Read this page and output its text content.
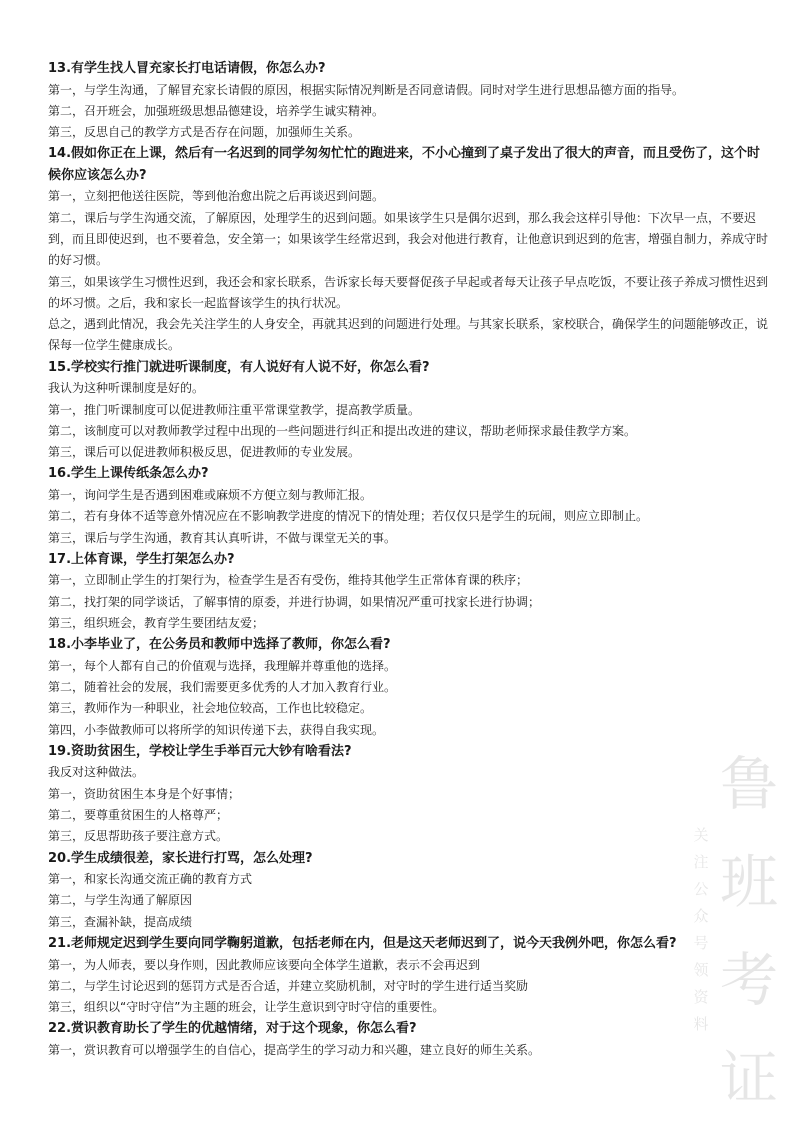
13.有学生找人冒充家长打电话请假，你怎么办?
第一，与学生沟通，了解冒充家长请假的原因，根据实际情况判断是否同意请假。同时对学生进行思想品德方面的指导。
第二，召开班会，加强班级思想品德建设，培养学生诚实精神。
第三，反思自己的教学方式是否存在问题，加强师生关系。
14.假如你正在上课，然后有一名迟到的同学匆匆忙忙的跑进来，不小心撞到了桌子发出了很大的声音，而且受伤了，这个时候你应该怎么办?
第一，立刻把他送往医院，等到他治愈出院之后再谈迟到问题。
第二，课后与学生沟通交流，了解原因，处理学生的迟到问题。如果该学生只是偶尔迟到，那么我会这样引导他：下次早一点，不要迟到，而且即使迟到，也不要着急，安全第一；如果该学生经常迟到，我会对他进行教育，让他意识到迟到的危害，增强自制力，养成守时的好习惯。
第三，如果该学生习惯性迟到，我还会和家长联系，告诉家长每天要督促孩子早起或者每天让孩子早点吃饭，不要让孩子养成习惯性迟到的坏习惯。之后，我和家长一起监督该学生的执行状况。
总之，遇到此情况，我会先关注学生的人身安全，再就其迟到的问题进行处理。与其家长联系，家校联合，确保学生的问题能够改正，说保每一位学生健康成长。
15.学校实行推门就进听课制度，有人说好有人说不好，你怎么看?
我认为这种听课制度是好的。
第一，推门听课制度可以促进教师注重平常课堂教学，提高教学质量。
第二，该制度可以对教师教学过程中出现的一些问题进行纠正和提出改进的建议，帮助老师探求最佳教学方案。
第三，课后可以促进教师积极反思，促进教师的专业发展。
16.学生上课传纸条怎么办?
第一，询问学生是否遇到困难或麻烦不方便立刻与教师汇报。
第二，若有身体不适等意外情况应在不影响教学进度的情况下的情处理；若仅仅只是学生的玩闹，则应立即制止。
第三，课后与学生沟通，教育其认真听讲，不做与课堂无关的事。
17.上体育课，学生打架怎么办?
第一，立即制止学生的打架行为，检查学生是否有受伤，维持其他学生正常体育课的秩序；
第二，找打架的同学谈话，了解事情的原委，并进行协调，如果情况严重可找家长进行协调；
第三，组织班会，教育学生要团结友爱；
18.小李毕业了，在公务员和教师中选择了教师，你怎么看?
第一，每个人都有自己的价值观与选择，我理解并尊重他的选择。
第二，随着社会的发展，我们需要更多优秀的人才加入教育行业。
第三，教师作为一种职业，社会地位较高，工作也比较稳定。
第四，小李做教师可以将所学的知识传递下去，获得自我实现。
19.资助贫困生，学校让学生手举百元大钞有啥看法?
我反对这种做法。
第一，资助贫困生本身是个好事情；
第二，要尊重贫困生的人格尊严；
第三，反思帮助孩子要注意方式。
20.学生成绩很差，家长进行打骂，怎么处理?
第一，和家长沟通交流正确的教育方式
第二，与学生沟通了解原因
第三，查漏补缺，提高成绩
21.老师规定迟到学生要向同学鞠躬道歉，包括老师在内，但是这天老师迟到了，说今天我例外吧，你怎么看?
第一，为人师表，要以身作则，因此教师应该要向全体学生道歉，表示不会再迟到
第二，与学生讨论迟到的惩罚方式是否合适，并建立奖励机制，对守时的学生进行适当奖励
第三，组织以“守时守信”为主题的班会，让学生意识到守时守信的重要性。
22.赏识教育助长了学生的优越情绪，对于这个现象，你怎么看?
第一，赏识教育可以增强学生的自信心，提高学生的学习动力和兴趣，建立良好的师生关系。
鲁
班
考
证
关
注
公
众
号
领
资
料
